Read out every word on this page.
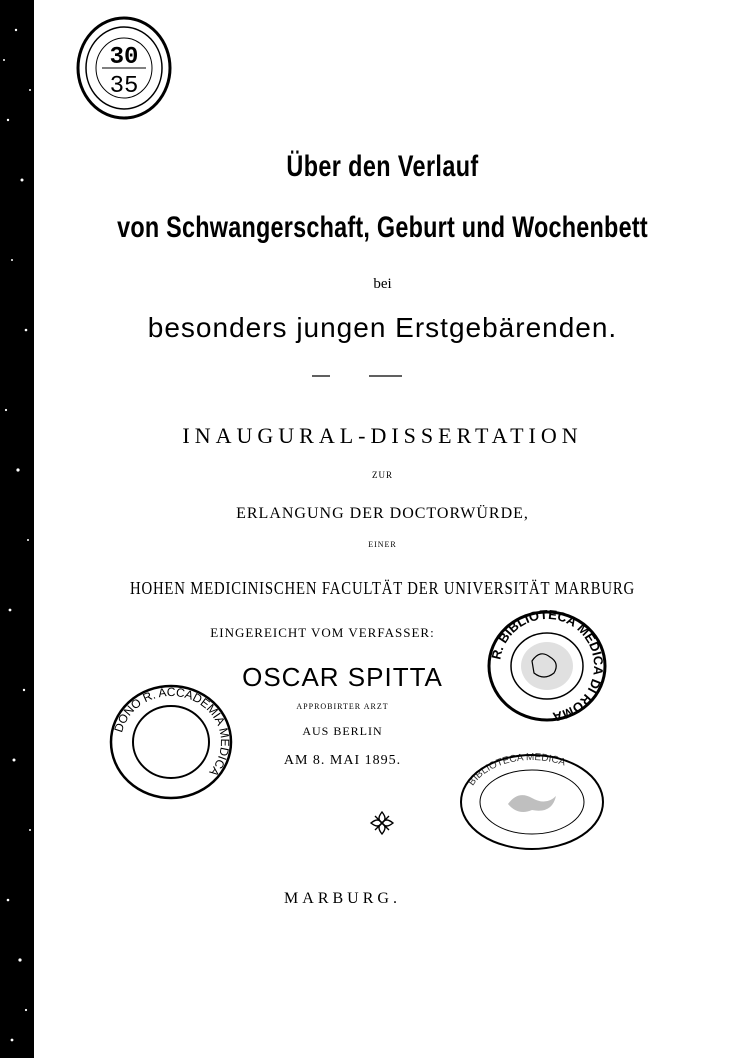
30
35
Über den Verlauf
von Schwangerschaft, Geburt und Wochenbett
bei
besonders jungen Erstgebärenden.
INAUGURAL-DISSERTATION
ZUR
ERLANGUNG DER DOCTORWÜRDE,
EINER
HOHEN MEDICINISCHEN FACULTÄT DER UNIVERSITÄT MARBURG
EINGEREICHT VOM VERFASSER:
OSCAR SPITTA
APPROBIRTER ARZT
AUS BERLIN
AM 8. MAI 1895.
MARBURG.
R. BIBLIOTECA MEDICA DI ROMA
DONO R. ACCADEMIA MEDICA
BIBLIOTECA MEDICA
